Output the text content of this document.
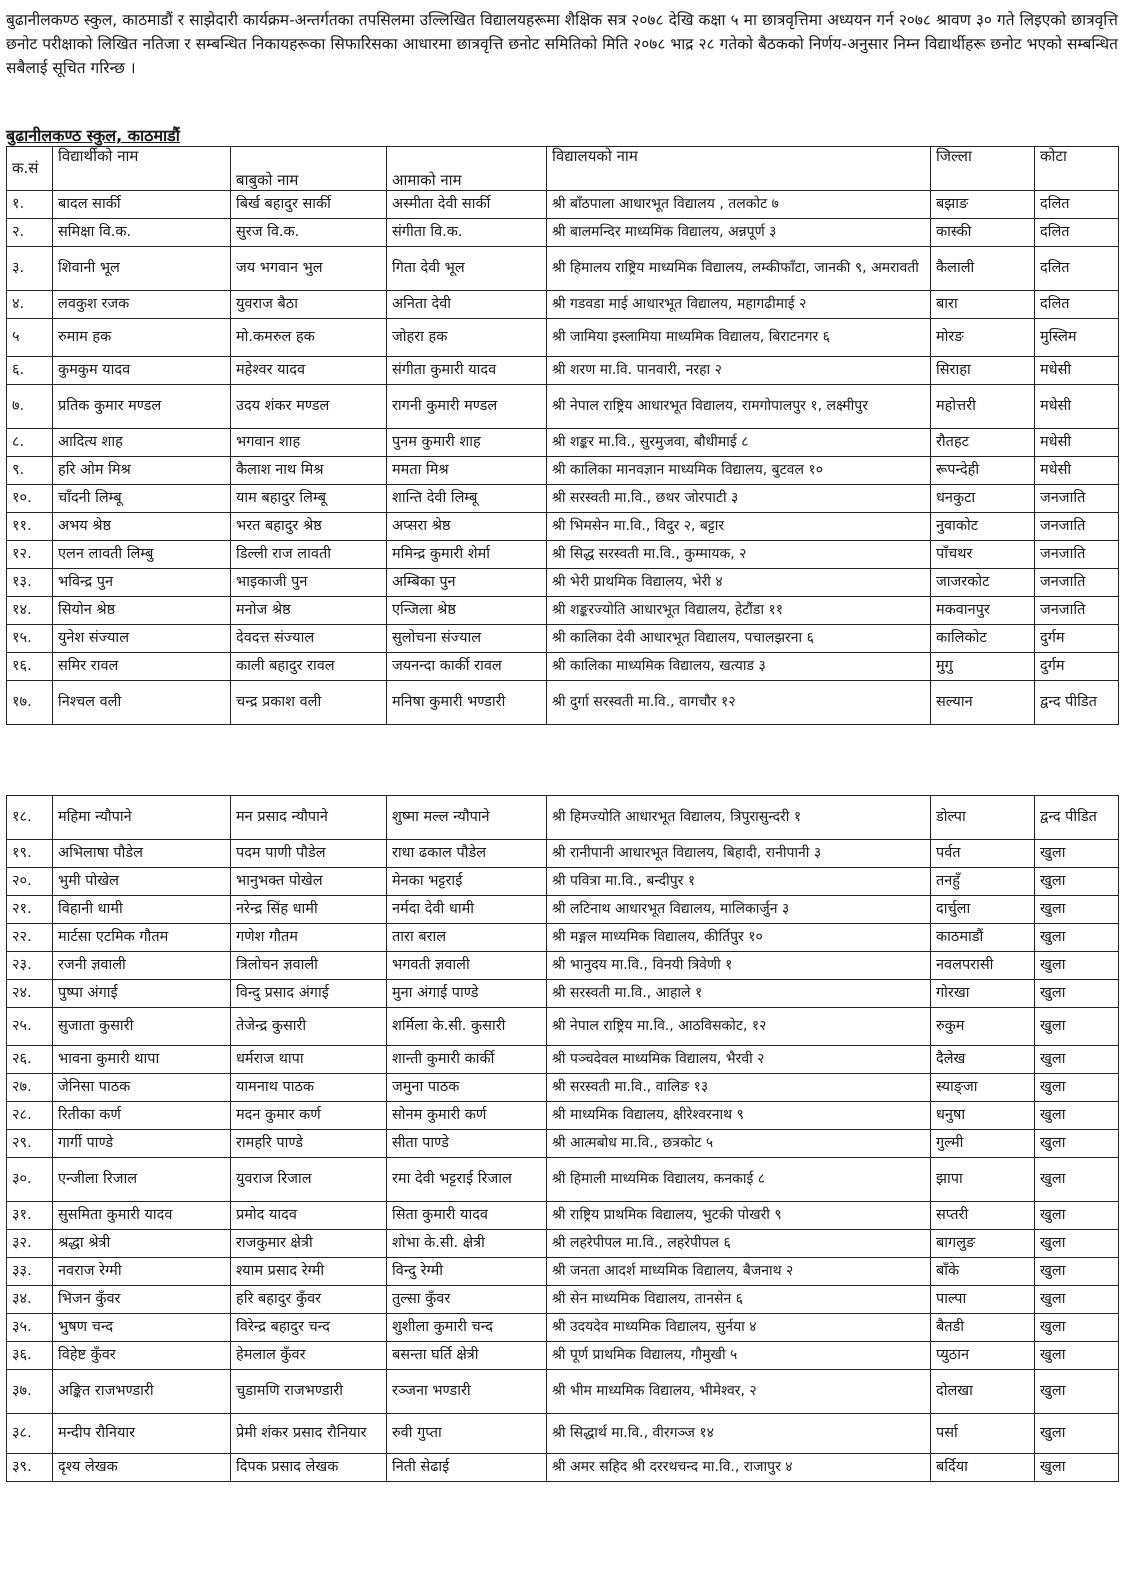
बुढानीलकण्ठ स्कुल, काठमाडौं र साझेदारी कार्यक्रम-अन्तर्गतका तपसिलमा उल्लिखित विद्यालयहरूमा शैक्षिक सत्र २०७८ देखि कक्षा ५ मा छात्रवृत्तिमा अध्ययन गर्न २०७८ श्रावण ३० गते लिइएको छात्रवृत्ति छनोट परीक्षाको लिखित नतिजा र सम्बन्धित निकायहरूका सिफारिसका आधारमा छात्रवृत्ति छनोट समितिको मिति २०७८ भाद्र २८ गतेको बैठकको निर्णय-अनुसार निम्न विद्यार्थीहरू छनोट भएको सम्बन्धित सबैलाई सूचित गरिन्छ ।
बुढानीलकण्ठ स्कुल, काठमाडौं
क.सं	विद्यार्थीको नाम	बाबुको नाम	आमाको नाम	विद्यालयको नाम	जिल्ला	कोटा
१.	बादल सार्की	बिर्ख बहादुर सार्की	अस्मीता देवी सार्की	श्री बाँठपाला आधारभूत विद्यालय , तलकोट ७	बझाङ	दलित
२.	समिक्षा वि.क.	सुरज वि.क.	संगीता वि.क.	श्री बालमन्दिर माध्यमिक विद्यालय, अन्नपूर्ण ३	कास्की	दलित
३.	शिवानी भूल	जय भगवान भुल	गिता देवी भूल	श्री हिमालय राष्ट्रिय माध्यमिक विद्यालय, लम्कीफाँटा, जानकी ९, अमरावती	कैलाली	दलित
४.	लवकुश रजक	युवराज बैठा	अनिता देवी	श्री गडवडा माई आधारभूत विद्यालय, महागढीमाई २	बारा	दलित
५	रुमाम हक	मो.कमरुल हक	जोहरा हक	श्री जामिया इस्लामिया माध्यमिक विद्यालय, बिराटनगर ६	मोरङ	मुस्लिम
६.	कुमकुम यादव	महेश्वर यादव	संगीता कुमारी यादव	श्री शरण मा.वि. पानवारी, नरहा २	सिराहा	मधेसी
७.	प्रतिक कुमार मण्डल	उदय शंकर मण्डल	रागनी कुमारी मण्डल	श्री नेपाल राष्ट्रिय आधारभूत विद्यालय, रामगोपालपुर १, लक्ष्मीपुर	महोत्तरी	मधेसी
८.	आदित्य शाह	भगवान शाह	पुनम कुमारी शाह	श्री शङ्कर मा.वि., सुरमुजवा, बौधीमाई ८	रौतहट	मधेसी
९.	हरि ओम मिश्र	कैलाश नाथ मिश्र	ममता मिश्र	श्री कालिका मानवज्ञान माध्यमिक विद्यालय, बुटवल १०	रूपन्देही	मधेसी
१०.	चाँदनी लिम्बू	याम बहादुर लिम्बू	शान्ति देवी लिम्बू	श्री सरस्वती मा.वि., छथर जोरपाटी ३	धनकुटा	जनजाति
११.	अभय श्रेष्ठ	भरत बहादुर श्रेष्ठ	अप्सरा श्रेष्ठ	श्री भिमसेन मा.वि., विदुर २, बट्टार	नुवाकोट	जनजाति
१२.	एलन लावती लिम्बु	डिल्ली राज लावती	ममिन्द्र कुमारी शेर्मा	श्री सिद्ध सरस्वती मा.वि., कुम्मायक, २	पाँचथर	जनजाति
१३.	भविन्द्र पुन	भाइकाजी पुन	अम्बिका पुन	श्री भेरी प्राथमिक विद्यालय, भेरी ४	जाजरकोट	जनजाति
१४.	सियोन श्रेष्ठ	मनोज श्रेष्ठ	एन्जिला श्रेष्ठ	श्री शङ्करज्योति आधारभूत विद्यालय, हेटौंडा ११	मकवानपुर	जनजाति
१५.	युनेश संज्याल	देवदत्त संज्याल	सुलोचना संज्याल	श्री कालिका देवी आधारभूत विद्यालय, पचालझरना ६	कालिकोट	दुर्गम
१६.	समिर रावल	काली बहादुर रावल	जयनन्दा कार्की रावल	श्री कालिका माध्यमिक विद्यालय, खत्याड ३	मुगु	दुर्गम
१७.	निश्चल वली	चन्द्र प्रकाश वली	मनिषा कुमारी भण्डारी	श्री दुर्गा सरस्वती मा.वि., वागचौर १२	सल्यान	द्वन्द पीडित
१८.	महिमा न्यौपाने	मन प्रसाद न्यौपाने	शुष्मा मल्ल न्यौपाने	श्री हिमज्योति आधारभूत विद्यालय, त्रिपुरासुन्दरी १	डोल्पा	द्वन्द पीडित
१९.	अभिलाषा पौडेल	पदम पाणी पौडेल	राधा ढकाल पौडेल	श्री रानीपानी आधारभूत विद्यालय, बिहादी, रानीपानी ३	पर्वत	खुला
२०.	भुमी पोखेल	भानुभक्त पोखेल	मेनका भट्टराई	श्री पवित्रा मा.वि., बन्दीपुर १	तनहुँ	खुला
२१.	विहानी धामी	नरेन्द्र सिंह धामी	नर्मदा देवी धामी	श्री लटिनाथ आधारभूत विद्यालय, मालिकार्जुन ३	दार्चुला	खुला
२२.	मार्टसा एटमिक गौतम	गणेश गौतम	तारा बराल	श्री मङ्गल माध्यमिक विद्यालय, कीर्तिपुर १०	काठमाडौं	खुला
२३.	रजनी ज्ञवाली	त्रिलोचन ज्ञवाली	भगवती ज्ञवाली	श्री भानुदय मा.वि., विनयी त्रिवेणी १	नवलपरासी	खुला
२४.	पुष्पा अंगाई	विन्दु प्रसाद अंगाई	मुना अंगाई पाण्डे	श्री सरस्वती मा.वि., आहाले १	गोरखा	खुला
२५.	सुजाता कुसारी	तेजेन्द्र कुसारी	शर्मिला के.सी. कुसारी	श्री नेपाल राष्ट्रिय मा.वि., आठविसकोट, १२	रुकुम	खुला
२६.	भावना कुमारी थापा	धर्मराज थापा	शान्ती कुमारी कार्की	श्री पञ्चदेवल माध्यमिक विद्यालय, भैरवी २	दैलेख	खुला
२७.	जेनिसा पाठक	यामनाथ पाठक	जमुना पाठक	श्री सरस्वती मा.वि., वालिङ १३	स्याङ्जा	खुला
२८.	रितीका कर्ण	मदन कुमार कर्ण	सोनम कुमारी कर्ण	श्री माध्यमिक विद्यालय, क्षीरेश्वरनाथ ९	धनुषा	खुला
२९.	गार्गी पाण्डे	रामहरि पाण्डे	सीता पाण्डे	श्री आत्मबोध मा.वि., छत्रकोट ५	गुल्मी	खुला
३०.	एन्जीला रिजाल	युवराज रिजाल	रमा देवी भट्टराई रिजाल	श्री हिमाली माध्यमिक विद्यालय, कनकाई ८	झापा	खुला
३१.	सुसमिता कुमारी यादव	प्रमोद यादव	सिता कुमारी यादव	श्री राष्ट्रिय प्राथमिक विद्यालय, भुटकी पोखरी ९	सप्तरी	खुला
३२.	श्रद्धा श्रेत्री	राजकुमार क्षेत्री	शोभा के.सी. क्षेत्री	श्री लहरेपीपल मा.वि., लहरेपीपल ६	बागलुङ	खुला
३३.	नवराज रेग्मी	श्याम प्रसाद रेग्मी	विन्दु रेग्मी	श्री जनता आदर्श माध्यमिक विद्यालय, बैजनाथ २	बाँके	खुला
३४.	भिजन कुँवर	हरि बहादुर कुँवर	तुल्सा कुँवर	श्री सेन माध्यमिक विद्यालय, तानसेन ६	पाल्पा	खुला
३५.	भुषण चन्द	विरेन्द्र बहादुर चन्द	शुशीला कुमारी चन्द	श्री उदयदेव माध्यमिक विद्यालय, सुर्नया ४	बैतडी	खुला
३६.	विहेष्ट कुँवर	हेमलाल कुँवर	बसन्ता घर्ति क्षेत्री	श्री पूर्ण प्राथमिक विद्यालय, गौमुखी ५	प्युठान	खुला
३७.	अङ्कित राजभण्डारी	चुडामणि राजभण्डारी	रञ्जना भण्डारी	श्री भीम माध्यमिक विद्यालय, भीमेश्वर, २	दोलखा	खुला
३८.	मन्दीप रौनियार	प्रेमी शंकर प्रसाद रौनियार	रुवी गुप्ता	श्री सिद्धार्थ मा.वि., वीरगञ्ज १४	पर्सा	खुला
३९.	दृश्य लेखक	दिपक प्रसाद लेखक	निती सेढाई	श्री अमर सहिद श्री दररथचन्द मा.वि., राजापुर ४	बर्दिया	खुला
